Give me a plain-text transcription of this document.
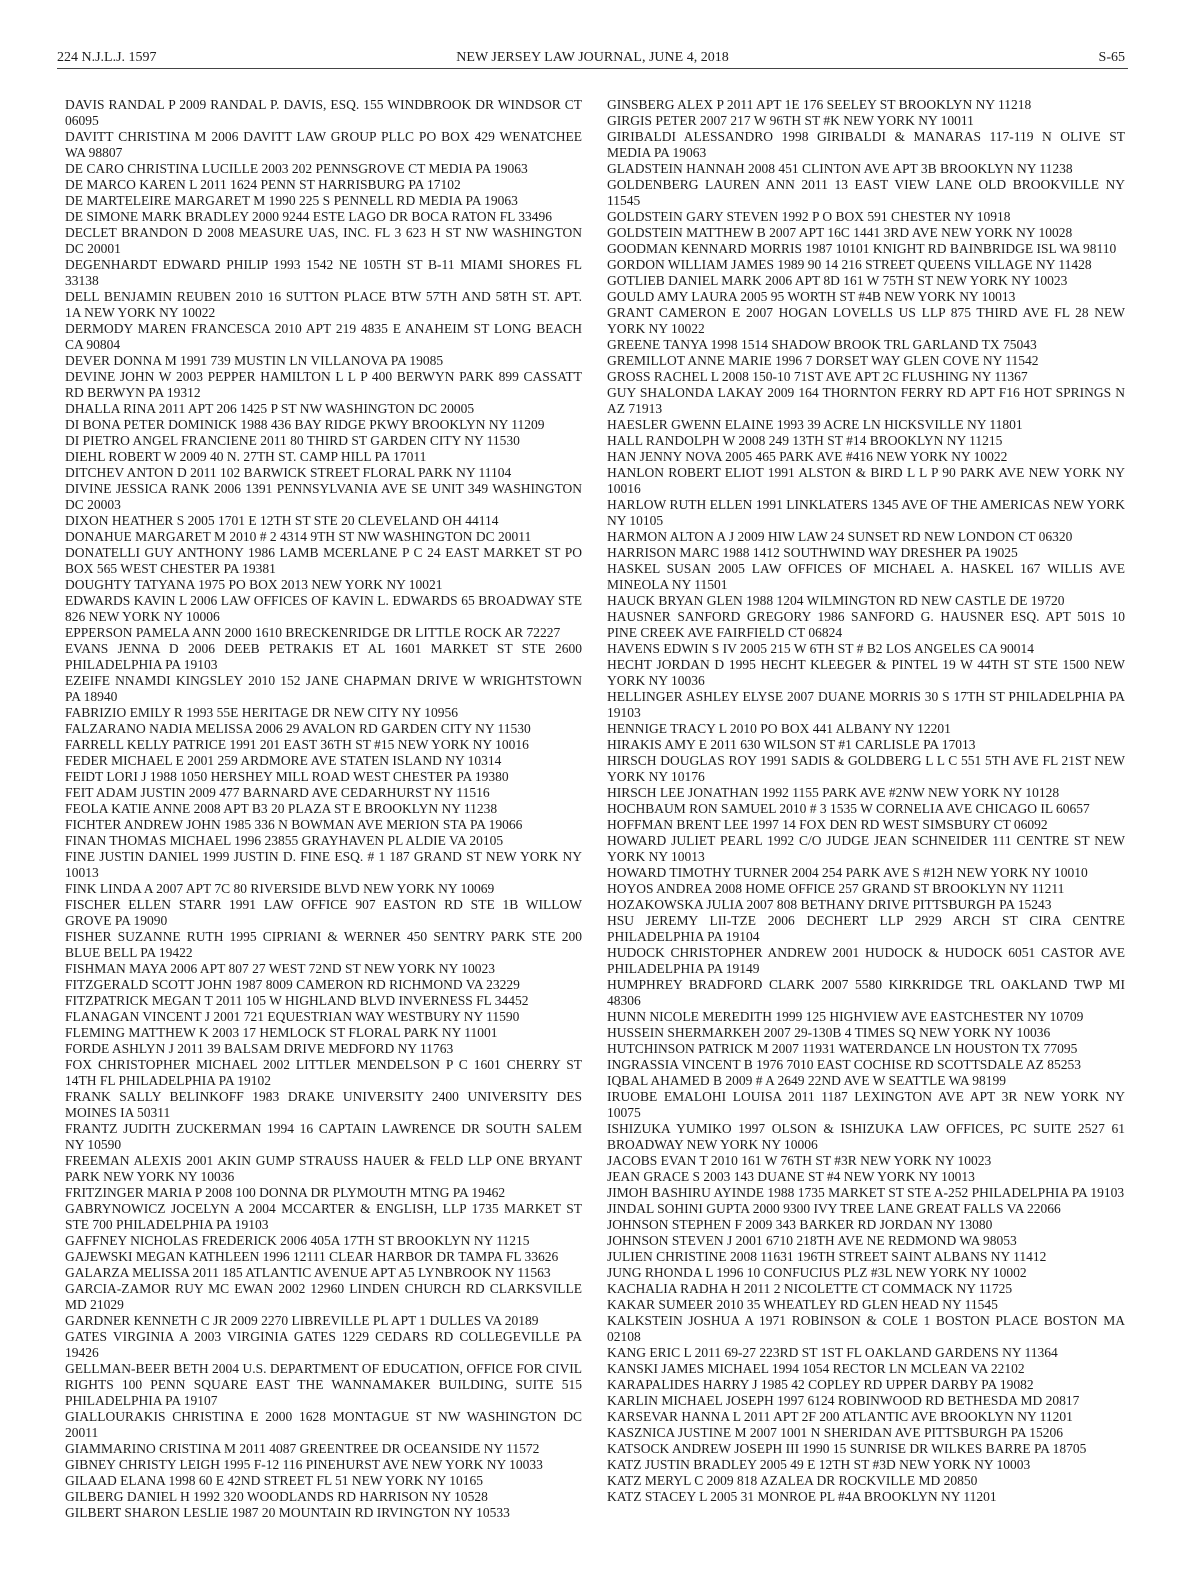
224 N.J.L.J. 1597	NEW JERSEY LAW JOURNAL, JUNE 4, 2018	S-65

DAVIS RANDAL P 2009 RANDAL P. DAVIS, ESQ. 155 WINDBROOK DR WINDSOR CT 06095

DAVITT CHRISTINA M 2006 DAVITT LAW GROUP PLLC PO BOX 429 WENATCHEE WA 98807

DE CARO CHRISTINA LUCILLE 2003 202 PENNSGROVE CT MEDIA PA 19063

DE MARCO KAREN L 2011 1624 PENN ST HARRISBURG PA 17102

DE MARTELEIRE MARGARET M 1990 225 S PENNELL RD MEDIA PA 19063

DE SIMONE MARK BRADLEY 2000 9244 ESTE LAGO DR BOCA RATON FL 33496

DECLET BRANDON D 2008 MEASURE UAS, INC. FL 3 623 H ST NW WASHINGTON DC 20001

DEGENHARDT EDWARD PHILIP 1993 1542 NE 105TH ST B-11 MIAMI SHORES FL 33138

DELL BENJAMIN REUBEN 2010 16 SUTTON PLACE BTW 57TH AND 58TH ST. APT. 1A NEW YORK NY 10022

DERMODY MAREN FRANCESCA 2010 APT 219 4835 E ANAHEIM ST LONG BEACH CA 90804

DEVER DONNA M 1991 739 MUSTIN LN VILLANOVA PA 19085

DEVINE JOHN W 2003 PEPPER HAMILTON L L P 400 BERWYN PARK 899 CASSATT RD BERWYN PA 19312

DHALLA RINA 2011 APT 206 1425 P ST NW WASHINGTON DC 20005

DI BONA PETER DOMINICK 1988 436 BAY RIDGE PKWY BROOKLYN NY 11209

DI PIETRO ANGEL FRANCIENE 2011 80 THIRD ST GARDEN CITY NY 11530

DIEHL ROBERT W 2009 40 N. 27TH ST. CAMP HILL PA 17011

DITCHEV ANTON D 2011 102 BARWICK STREET FLORAL PARK NY 11104

DIVINE JESSICA RANK 2006 1391 PENNSYLVANIA AVE SE UNIT 349 WASHINGTON DC 20003

DIXON HEATHER S 2005 1701 E 12TH ST STE 20 CLEVELAND OH 44114

DONAHUE MARGARET M 2010 # 2 4314 9TH ST NW WASHINGTON DC 20011

DONATELLI GUY ANTHONY 1986 LAMB MCERLANE P C 24 EAST MARKET ST PO BOX 565 WEST CHESTER PA 19381

DOUGHTY TATYANA 1975 PO BOX 2013 NEW YORK NY 10021

EDWARDS KAVIN L 2006 LAW OFFICES OF KAVIN L. EDWARDS 65 BROADWAY STE 826 NEW YORK NY 10006

EPPERSON PAMELA ANN 2000 1610 BRECKENRIDGE DR LITTLE ROCK AR 72227

EVANS JENNA D 2006 DEEB PETRAKIS ET AL 1601 MARKET ST STE 2600 PHILADELPHIA PA 19103

EZEIFE NNAMDI KINGSLEY 2010 152 JANE CHAPMAN DRIVE W WRIGHTSTOWN PA 18940

FABRIZIO EMILY R 1993 55E HERITAGE DR NEW CITY NY 10956

FALZARANO NADIA MELISSA 2006 29 AVALON RD GARDEN CITY NY 11530

FARRELL KELLY PATRICE 1991 201 EAST 36TH ST #15 NEW YORK NY 10016

FEDER MICHAEL E 2001 259 ARDMORE AVE STATEN ISLAND NY 10314

FEIDT LORI J 1988 1050 HERSHEY MILL ROAD WEST CHESTER PA 19380

FEIT ADAM JUSTIN 2009 477 BARNARD AVE CEDARHURST NY 11516

FEOLA KATIE ANNE 2008 APT B3 20 PLAZA ST E BROOKLYN NY 11238

FICHTER ANDREW JOHN 1985 336 N BOWMAN AVE MERION STA PA 19066

FINAN THOMAS MICHAEL 1996 23855 GRAYHAVEN PL ALDIE VA 20105

FINE JUSTIN DANIEL 1999 JUSTIN D. FINE ESQ. # 1 187 GRAND ST NEW YORK NY 10013

FINK LINDA A 2007 APT 7C 80 RIVERSIDE BLVD NEW YORK NY 10069

FISCHER ELLEN STARR 1991 LAW OFFICE 907 EASTON RD STE 1B WILLOW GROVE PA 19090

FISHER SUZANNE RUTH 1995 CIPRIANI & WERNER 450 SENTRY PARK STE 200 BLUE BELL PA 19422

FISHMAN MAYA 2006 APT 807 27 WEST 72ND ST NEW YORK NY 10023

FITZGERALD SCOTT JOHN 1987 8009 CAMERON RD RICHMOND VA 23229

FITZPATRICK MEGAN T 2011 105 W HIGHLAND BLVD INVERNESS FL 34452

FLANAGAN VINCENT J 2001 721 EQUESTRIAN WAY WESTBURY NY 11590

FLEMING MATTHEW K 2003 17 HEMLOCK ST FLORAL PARK NY 11001

FORDE ASHLYN J 2011 39 BALSAM DRIVE MEDFORD NY 11763

FOX CHRISTOPHER MICHAEL 2002 LITTLER MENDELSON P C 1601 CHERRY ST 14TH FL PHILADELPHIA PA 19102

FRANK SALLY BELINKOFF 1983 DRAKE UNIVERSITY 2400 UNIVERSITY DES MOINES IA 50311

FRANTZ JUDITH ZUCKERMAN 1994 16 CAPTAIN LAWRENCE DR SOUTH SALEM NY 10590

FREEMAN ALEXIS 2001 AKIN GUMP STRAUSS HAUER & FELD LLP ONE BRYANT PARK NEW YORK NY 10036

FRITZINGER MARIA P 2008 100 DONNA DR PLYMOUTH MTNG PA 19462

GABRYNOWICZ JOCELYN A 2004 MCCARTER & ENGLISH, LLP 1735 MARKET ST STE 700 PHILADELPHIA PA 19103

GAFFNEY NICHOLAS FREDERICK 2006 405A 17TH ST BROOKLYN NY 11215

GAJEWSKI MEGAN KATHLEEN 1996 12111 CLEAR HARBOR DR TAMPA FL 33626

GALARZA MELISSA 2011 185 ATLANTIC AVENUE APT A5 LYNBROOK NY 11563

GARCIA-ZAMOR RUY MC EWAN 2002 12960 LINDEN CHURCH RD CLARKSVILLE MD 21029

GARDNER KENNETH C JR 2009 2270 LIBREVILLE PL APT 1 DULLES VA 20189

GATES VIRGINIA A 2003 VIRGINIA GATES 1229 CEDARS RD COLLEGEVILLE PA 19426

GELLMAN-BEER BETH 2004 U.S. DEPARTMENT OF EDUCATION, OFFICE FOR CIVIL RIGHTS 100 PENN SQUARE EAST THE WANNAMAKER BUILDING, SUITE 515 PHILADELPHIA PA 19107

GIALLOURAKIS CHRISTINA E 2000 1628 MONTAGUE ST NW WASHINGTON DC 20011

GIAMMARINO CRISTINA M 2011 4087 GREENTREE DR OCEANSIDE NY 11572

GIBNEY CHRISTY LEIGH 1995 F-12 116 PINEHURST AVE NEW YORK NY 10033

GILAAD ELANA 1998 60 E 42ND STREET FL 51 NEW YORK NY 10165

GILBERG DANIEL H 1992 320 WOODLANDS RD HARRISON NY 10528

GILBERT SHARON LESLIE 1987 20 MOUNTAIN RD IRVINGTON NY 10533

GINSBERG ALEX P 2011 APT 1E 176 SEELEY ST BROOKLYN NY 11218

GIRGIS PETER 2007 217 W 96TH ST #K NEW YORK NY 10011

GIRIBALDI ALESSANDRO 1998 GIRIBALDI & MANARAS 117-119 N OLIVE ST MEDIA PA 19063

GLADSTEIN HANNAH 2008 451 CLINTON AVE APT 3B BROOKLYN NY 11238

GOLDENBERG LAUREN ANN 2011 13 EAST VIEW LANE OLD BROOKVILLE NY 11545

GOLDSTEIN GARY STEVEN 1992 P O BOX 591 CHESTER NY 10918

GOLDSTEIN MATTHEW B 2007 APT 16C 1441 3RD AVE NEW YORK NY 10028

GOODMAN KENNARD MORRIS 1987 10101 KNIGHT RD BAINBRIDGE ISL WA 98110

GORDON WILLIAM JAMES 1989 90 14 216 STREET QUEENS VILLAGE NY 11428

GOTLIEB DANIEL MARK 2006 APT 8D 161 W 75TH ST NEW YORK NY 10023

GOULD AMY LAURA 2005 95 WORTH ST #4B NEW YORK NY 10013

GRANT CAMERON E 2007 HOGAN LOVELLS US LLP 875 THIRD AVE FL 28 NEW YORK NY 10022

GREENE TANYA 1998 1514 SHADOW BROOK TRL GARLAND TX 75043

GREMILLOT ANNE MARIE 1996 7 DORSET WAY GLEN COVE NY 11542

GROSS RACHEL L 2008 150-10 71ST AVE APT 2C FLUSHING NY 11367

GUY SHALONDA LAKAY 2009 164 THORNTON FERRY RD APT F16 HOT SPRINGS N AZ 71913

HAESLER GWENN ELAINE 1993 39 ACRE LN HICKSVILLE NY 11801

HALL RANDOLPH W 2008 249 13TH ST #14 BROOKLYN NY 11215

HAN JENNY NOVA 2005 465 PARK AVE #416 NEW YORK NY 10022

HANLON ROBERT ELIOT 1991 ALSTON & BIRD L L P 90 PARK AVE NEW YORK NY 10016

HARLOW RUTH ELLEN 1991 LINKLATERS 1345 AVE OF THE AMERICAS NEW YORK NY 10105

HARMON ALTON A J 2009 HIW LAW 24 SUNSET RD NEW LONDON CT 06320

HARRISON MARC 1988 1412 SOUTHWIND WAY DRESHER PA 19025

HASKEL SUSAN 2005 LAW OFFICES OF MICHAEL A. HASKEL 167 WILLIS AVE MINEOLA NY 11501

HAUCK BRYAN GLEN 1988 1204 WILMINGTON RD NEW CASTLE DE 19720

HAUSNER SANFORD GREGORY 1986 SANFORD G. HAUSNER ESQ. APT 501S 10 PINE CREEK AVE FAIRFIELD CT 06824

HAVENS EDWIN S IV 2005 215 W 6TH ST # B2 LOS ANGELES CA 90014

HECHT JORDAN D 1995 HECHT KLEEGER & PINTEL 19 W 44TH ST STE 1500 NEW YORK NY 10036

HELLINGER ASHLEY ELYSE 2007 DUANE MORRIS 30 S 17TH ST PHILADELPHIA PA 19103

HENNIGE TRACY L 2010 PO BOX 441 ALBANY NY 12201

HIRAKIS AMY E 2011 630 WILSON ST #1 CARLISLE PA 17013

HIRSCH DOUGLAS ROY 1991 SADIS & GOLDBERG L L C 551 5TH AVE FL 21ST NEW YORK NY 10176

HIRSCH LEE JONATHAN 1992 1155 PARK AVE #2NW NEW YORK NY 10128

HOCHBAUM RON SAMUEL 2010 # 3 1535 W CORNELIA AVE CHICAGO IL 60657

HOFFMAN BRENT LEE 1997 14 FOX DEN RD WEST SIMSBURY CT 06092

HOWARD JULIET PEARL 1992 C/O JUDGE JEAN SCHNEIDER 111 CENTRE ST NEW YORK NY 10013

HOWARD TIMOTHY TURNER 2004 254 PARK AVE S #12H NEW YORK NY 10010

HOYOS ANDREA 2008 HOME OFFICE 257 GRAND ST BROOKLYN NY 11211

HOZAKOWSKA JULIA 2007 808 BETHANY DRIVE PITTSBURGH PA 15243

HSU JEREMY LII-TZE 2006 DECHERT LLP 2929 ARCH ST CIRA CENTRE PHILADELPHIA PA 19104

HUDOCK CHRISTOPHER ANDREW 2001 HUDOCK & HUDOCK 6051 CASTOR AVE PHILADELPHIA PA 19149

HUMPHREY BRADFORD CLARK 2007 5580 KIRKRIDGE TRL OAKLAND TWP MI 48306

HUNN NICOLE MEREDITH 1999 125 HIGHVIEW AVE EASTCHESTER NY 10709

HUSSEIN SHERMARKEH 2007 29-130B 4 TIMES SQ NEW YORK NY 10036

HUTCHINSON PATRICK M 2007 11931 WATERDANCE LN HOUSTON TX 77095

INGRASSIA VINCENT B 1976 7010 EAST COCHISE RD SCOTTSDALE AZ 85253

IQBAL AHAMED B 2009 # A 2649 22ND AVE W SEATTLE WA 98199

IRUOBE EMALOHI LOUISA 2011 1187 LEXINGTON AVE APT 3R NEW YORK NY 10075

ISHIZUKA YUMIKO 1997 OLSON & ISHIZUKA LAW OFFICES, PC SUITE 2527 61 BROADWAY NEW YORK NY 10006

JACOBS EVAN T 2010 161 W 76TH ST #3R NEW YORK NY 10023

JEAN GRACE S 2003 143 DUANE ST #4 NEW YORK NY 10013

JIMOH BASHIRU AYINDE 1988 1735 MARKET ST STE A-252 PHILADELPHIA PA 19103

JINDAL SOHINI GUPTA 2000 9300 IVY TREE LANE GREAT FALLS VA 22066

JOHNSON STEPHEN F 2009 343 BARKER RD JORDAN NY 13080

JOHNSON STEVEN J 2001 6710 218TH AVE NE REDMOND WA 98053

JULIEN CHRISTINE 2008 11631 196TH STREET SAINT ALBANS NY 11412

JUNG RHONDA L 1996 10 CONFUCIUS PLZ #3L NEW YORK NY 10002

KACHALIA RADHA H 2011 2 NICOLETTE CT COMMACK NY 11725

KAKAR SUMEER 2010 35 WHEATLEY RD GLEN HEAD NY 11545

KALKSTEIN JOSHUA A 1971 ROBINSON & COLE 1 BOSTON PLACE BOSTON MA 02108

KANG ERIC L 2011 69-27 223RD ST 1ST FL OAKLAND GARDENS NY 11364

KANSKI JAMES MICHAEL 1994 1054 RECTOR LN MCLEAN VA 22102

KARAPALIDES HARRY J 1985 42 COPLEY RD UPPER DARBY PA 19082

KARLIN MICHAEL JOSEPH 1997 6124 ROBINWOOD RD BETHESDA MD 20817

KARSEVAR HANNA L 2011 APT 2F 200 ATLANTIC AVE BROOKLYN NY 11201

KASZNICA JUSTINE M 2007 1001 N SHERIDAN AVE PITTSBURGH PA 15206

KATSOCK ANDREW JOSEPH III 1990 15 SUNRISE DR WILKES BARRE PA 18705

KATZ JUSTIN BRADLEY 2005 49 E 12TH ST #3D NEW YORK NY 10003

KATZ MERYL C 2009 818 AZALEA DR ROCKVILLE MD 20850

KATZ STACEY L 2005 31 MONROE PL #4A BROOKLYN NY 11201
